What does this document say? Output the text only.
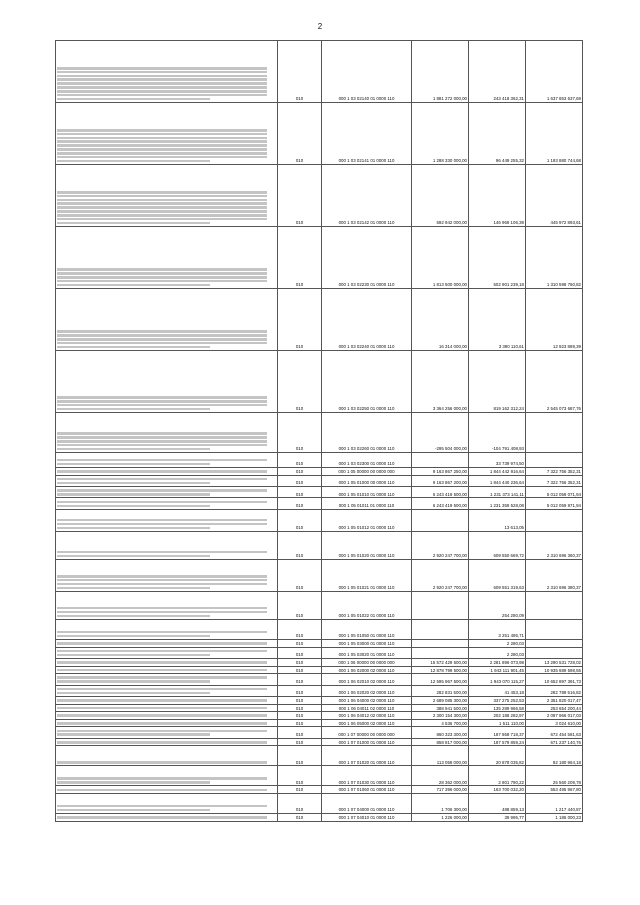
2
	010	000 1 03 02140 01 0000 110	1 881 272 000,00	243 418 362,31	1 637 853 637,69

	010	000 1 03 02141 01 0000 110	1 288 330 000,00	96 449 255,32	1 193 880 744,68

	010	000 1 03 02142 01 0000 110	592 942 000,00	146 969 106,39	445 972 893,61

	010	000 1 03 02230 01 0000 110	1 813 500 000,00	502 901 239,18	1 310 598 760,82

	010	000 1 03 02240 01 0000 110	16 314 000,00	3 390 110,61	12 923 889,39

	010	000 1 03 02250 01 0000 110	3 364 256 000,00	819 162 312,24	2 545 073 687,76

	010	000 1 03 02260 01 0000 110	-295 504 000,00	-104 791 408,93	

	010	000 1 03 02300 01 0000 110		33 739 974,50	

	010	000 1 05 00000 00 0000 000	9 163 867 250,00	1 844 442 916,64	7 322 756 352,31

	010	000 1 05 01000 00 0000 110	9 163 867 200,00	1 844 440 236,64	7 322 756 352,31

	010	000 1 05 01010 01 0000 110	6 243 419 500,00	1 231 373 141,11	5 012 059 071,94

	010	000 1 05 01011 01 0000 110	6 243 419 500,00	1 231 359 528,08	5 012 059 971,94

	010	000 1 05 01012 01 0000 110		13 613,05	

	010	000 1 05 01020 01 0000 110	2 920 247 700,00	609 550 669,72	2 310 696 360,37

	010	000 1 05 01021 01 0000 110	2 920 247 700,00	609 551 319,63	2 310 696 380,37

	010	000 1 05 01022 01 0000 110		254 280,09	

	010	000 1 05 01050 01 0000 110		3 251 495,71	

	010	000 1 05 03000 01 0000 110		2 280,03	

	010	000 1 05 03020 01 0000 110		2 280,03	

	010	000 1 06 00000 00 0000 000	15 572 429 500,00	2 281 896 073,98	13 290 531 728,02

	010	000 1 06 02000 02 0000 110	12 878 799 500,00	1 943 111 901,45	10 935 689 598,55

	010	000 1 06 02010 02 0000 110	12 595 967 500,00	1 943 070 115,27	10 652 897 391,73

	010	000 1 06 02020 02 0000 110	282 831 500,00	41 453,18	282 789 516,82

	010	000 1 06 04000 02 0000 110	2 689 085 300,00	337 275 252,53	2 351 820 017,47

	010	000 1 06 04011 02 0000 110	388 941 500,00	135 289 966,58	253 654 200,44

	010	000 1 06 04012 02 0000 110	2 300 154 300,00	202 188 282,97	2 097 966 017,03

	010	000 1 06 05000 02 0000 110	4 536 700,00	1 511 110,00	3 024 610,00

	010	000 1 07 00000 00 0000 000	860 323 300,00	187 868 718,37	672 454 581,63

	010	000 1 07 01000 01 0000 110	858 817 000,00	187 579 859,24	671 237 140,76

	010	000 1 07 01020 01 0000 110	113 059 000,00	20 878 035,82	92 180 964,18

	010	000 1 07 01030 01 0000 110	28 362 000,00	2 801 790,22	25 560 209,78

	010	000 1 07 01060 01 0000 110	717 396 000,00	163 700 032,20	553 495 967,80

	010	000 1 07 04000 01 0000 110	1 706 300,00	488 859,13	1 217 440,87

	010	000 1 07 04010 01 0000 110	1 226 000,00	39 995,77	1 186 000,23
